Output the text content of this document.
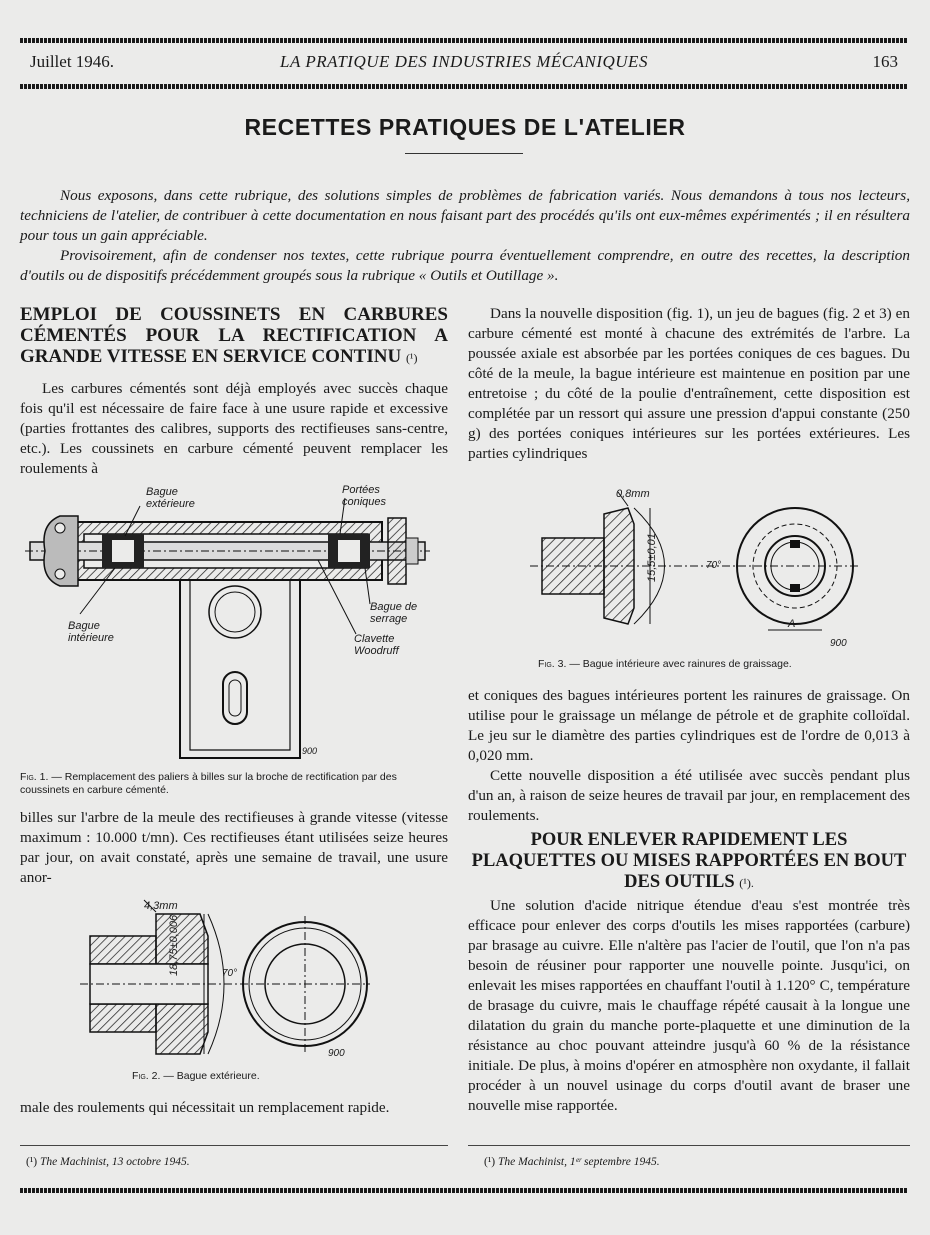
Juillet 1946.	LA PRATIQUE DES INDUSTRIES MÉCANIQUES	163
RECETTES PRATIQUES DE L'ATELIER

Nous exposons, dans cette rubrique, des solutions simples de problèmes de fabrication variés. Nous demandons à tous nos lecteurs, techniciens de l'atelier, de contribuer à cette documentation en nous faisant part des procédés qu'ils ont eux-mêmes expérimentés ; il en résultera pour tous un gain appréciable.

Provisoirement, afin de condenser nos textes, cette rubrique pourra éventuellement comprendre, en outre des recettes, la description d'outils ou de dispositifs précédemment groupés sous la rubrique « Outils et Outillage ».

EMPLOI DE COUSSINETS EN CARBURES CÉMENTÉS POUR LA RECTIFICATION A GRANDE VITESSE EN SERVICE CONTINU (¹)

Les carbures cémentés sont déjà employés avec succès chaque fois qu'il est nécessaire de faire face à une usure rapide et excessive (parties frottantes des calibres, supports des rectifieuses sans-centre, etc.). Les coussinets en carbure cémenté peuvent remplacer les roulements à

Bague
extérieure
Portées
coniques
Bague de
serrage
Bague
intérieure	Clavette
Woodruff
900
Fig. 1. — Remplacement des paliers à billes sur la broche de rectification par des coussinets en carbure cémenté.

billes sur l'arbre de la meule des rectifieuses à grande vitesse (vitesse maximum : 10.000 t/mn). Ces rectifieuses étant utilisées seize heures par jour, on avait constaté, après une semaine de travail, une usure anor-

4,3mm
18,75±0,006	70°
900
Fig. 2. — Bague extérieure.

male des roulements qui nécessitait un remplacement rapide.

Dans la nouvelle disposition (fig. 1), un jeu de bagues (fig. 2 et 3) en carbure cémenté est monté à chacune des extrémités de l'arbre. La poussée axiale est absorbée par les portées coniques de ces bagues. Du côté de la meule, la bague intérieure est maintenue en position par une entretoise ; du côté de la poulie d'entraînement, cette disposition est complétée par un ressort qui assure une pression d'appui constante (250 g) des portées coniques intérieures sur les portées extérieures. Les parties cylindriques

0,8mm
15,5±0,01	70°
A
900
Fig. 3. — Bague intérieure avec rainures de graissage.

et coniques des bagues intérieures portent les rainures de graissage. On utilise pour le graissage un mélange de pétrole et de graphite colloïdal. Le jeu sur le diamètre des parties cylindriques est de l'ordre de 0,013 à 0,020 mm.

Cette nouvelle disposition a été utilisée avec succès pendant plus d'un an, à raison de seize heures de travail par jour, en remplacement des roulements.

POUR ENLEVER RAPIDEMENT LES PLAQUETTES OU MISES RAPPORTÉES EN BOUT DES OUTILS (¹).

Une solution d'acide nitrique étendue d'eau s'est montrée très efficace pour enlever des corps d'outils les mises rapportées (carbure) par brasage au cuivre. Elle n'altère pas l'acier de l'outil, que l'on n'a pas besoin de réusiner pour rapporter une nouvelle pointe. Jusqu'ici, on enlevait les mises rapportées en chauffant l'outil à 1.120° C, température de brasage du cuivre, mais le chauffage répété causait à la longue une dilatation du grain du manche porte-plaquette et une diminution de la résistance au choc pouvant atteindre jusqu'à 60 % de la résistance initiale. De plus, à moins d'opérer en atmosphère non oxydante, il fallait procéder à un nouvel usinage du corps d'outil avant de braser une nouvelle mise rapportée.

(¹) The Machinist, 13 octobre 1945.	(¹) The Machinist, 1ᵉʳ septembre 1945.
